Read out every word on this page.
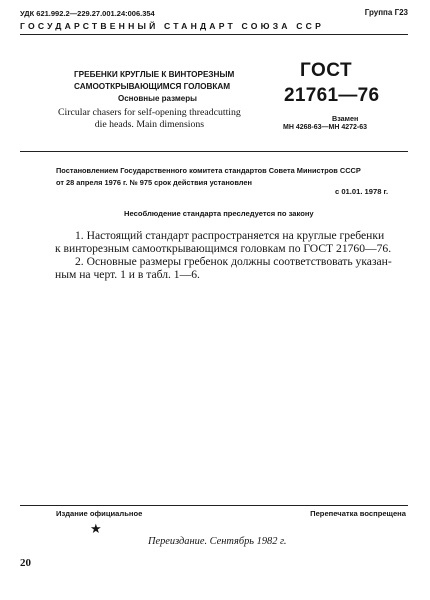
УДК 621.992.2—229.27.001.24:006.354	Группа Г23
ГОСУДАРСТВЕННЫЙ СТАНДАРТ СОЮЗА ССР
ГРЕБЕНКИ КРУГЛЫЕ К ВИНТОРЕЗНЫМ
САМООТКРЫВАЮЩИМСЯ ГОЛОВКАМ
Основные размеры
Circular chasers for self-opening threadcutting
die heads. Main dimensions
ГОСТ
21761—76
Взамен
МН 4268-63—МН 4272-63
Постановлением Государственного комитета стандартов Совета Министров СССР
от 28 апреля 1976 г. № 975 срок действия установлен
с 01.01. 1978 г.
Несоблюдение стандарта преследуется по закону
1. Настоящий стандарт распространяется на круглые гребенки
к винторезным самооткрывающимся головкам по ГОСТ 21760—76.
2. Основные размеры гребенок должны соответствовать указан-
ным на черт. 1 и в табл. 1—6.
Издание официальное	Перепечатка воспрещена
★
Переиздание. Сентябрь 1982 г.
20
